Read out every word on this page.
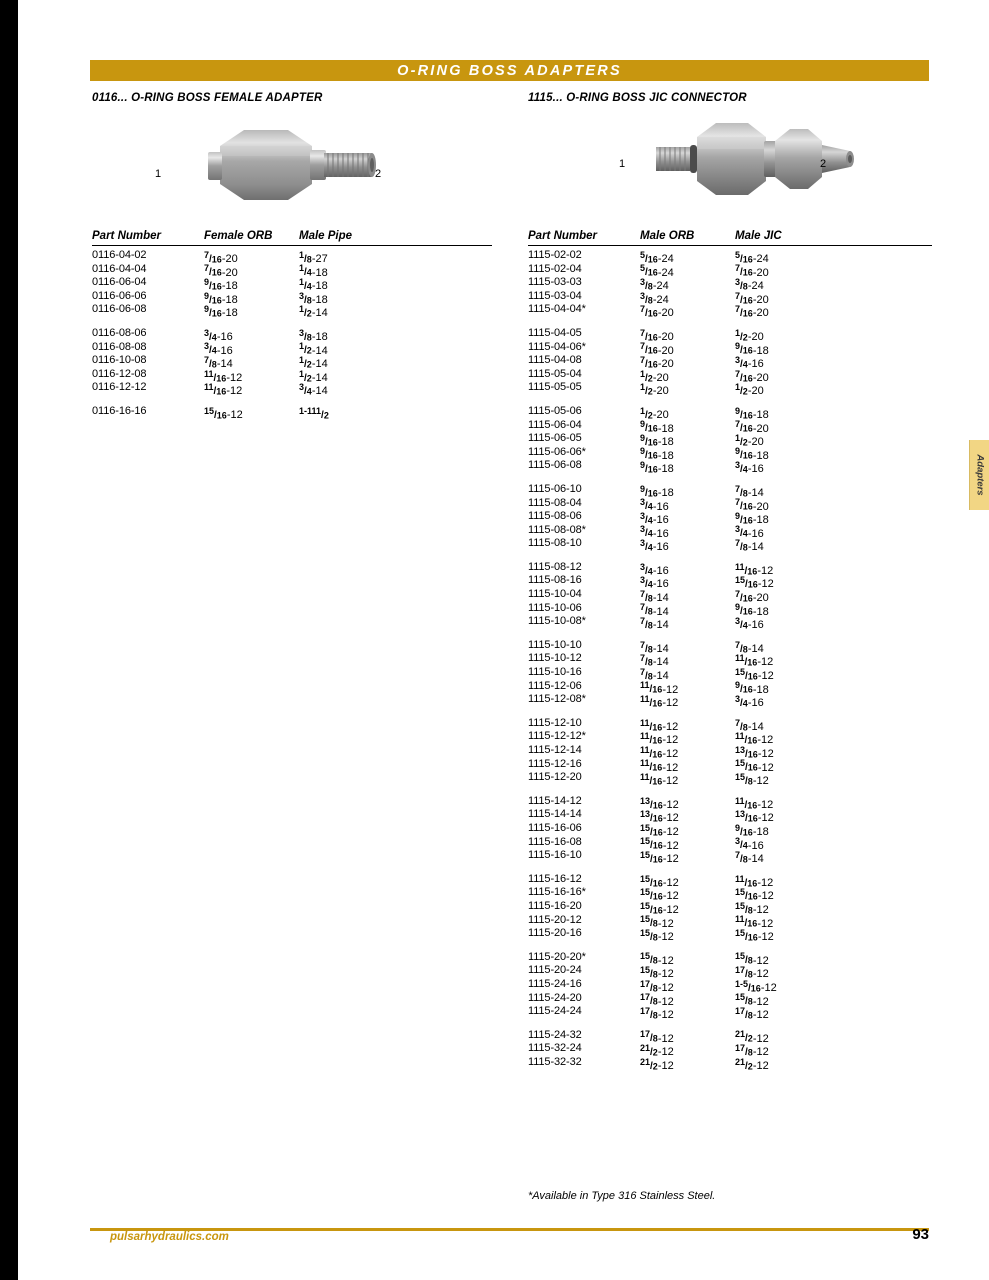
O-RING BOSS ADAPTERS
0116... O-RING BOSS FEMALE ADAPTER	1115... O-RING BOSS JIC CONNECTOR
1	2
1	2
Part Number	Female ORB	Male Pipe
0116-04-02	$^7$/16-20	$^1$/8-27
0116-04-04	$^7$/16-20	$^1$/4-18
0116-06-04	$^9$/16-18	$^1$/4-18
0116-06-06	$^9$/16-18	$^3$/8-18
0116-06-08	$^9$/16-18	$^1$/2-14
0116-08-06	$^3$/4-16	$^3$/8-18
0116-08-08	$^3$/4-16	$^1$/2-14
0116-10-08	$^7$/8-14	$^1$/2-14
0116-12-08	$^{11}$/16-12	$^1$/2-14
0116-12-12	$^{11}$/16-12	$^3$/4-14
0116-16-16	$^{15}$/16-12	$^{1-111}$/2
Part Number	Male ORB	Male JIC
1115-02-02	$^5$/16-24	$^5$/16-24
1115-02-04	$^5$/16-24	$^7$/16-20
1115-03-03	$^3$/8-24	$^3$/8-24
1115-03-04	$^3$/8-24	$^7$/16-20
1115-04-04*	$^7$/16-20	$^7$/16-20
1115-04-05	$^7$/16-20	$^1$/2-20
1115-04-06*	$^7$/16-20	$^9$/16-18
1115-04-08	$^7$/16-20	$^3$/4-16
1115-05-04	$^1$/2-20	$^7$/16-20
1115-05-05	$^1$/2-20	$^1$/2-20
1115-05-06	$^1$/2-20	$^9$/16-18
1115-06-04	$^9$/16-18	$^7$/16-20
1115-06-05	$^9$/16-18	$^1$/2-20
1115-06-06*	$^9$/16-18	$^9$/16-18
1115-06-08	$^9$/16-18	$^3$/4-16
1115-06-10	$^9$/16-18	$^7$/8-14
1115-08-04	$^3$/4-16	$^7$/16-20
1115-08-06	$^3$/4-16	$^9$/16-18
1115-08-08*	$^3$/4-16	$^3$/4-16
1115-08-10	$^3$/4-16	$^7$/8-14
1115-08-12	$^3$/4-16	$^{11}$/16-12
1115-08-16	$^3$/4-16	$^{15}$/16-12
1115-10-04	$^7$/8-14	$^7$/16-20
1115-10-06	$^7$/8-14	$^9$/16-18
1115-10-08*	$^7$/8-14	$^3$/4-16
1115-10-10	$^7$/8-14	$^7$/8-14
1115-10-12	$^7$/8-14	$^{11}$/16-12
1115-10-16	$^7$/8-14	$^{15}$/16-12
1115-12-06	$^{11}$/16-12	$^9$/16-18
1115-12-08*	$^{11}$/16-12	$^3$/4-16
1115-12-10	$^{11}$/16-12	$^7$/8-14
1115-12-12*	$^{11}$/16-12	$^{11}$/16-12
1115-12-14	$^{11}$/16-12	$^{13}$/16-12
1115-12-16	$^{11}$/16-12	$^{15}$/16-12
1115-12-20	$^{11}$/16-12	$^{15}$/8-12
1115-14-12	$^{13}$/16-12	$^{11}$/16-12
1115-14-14	$^{13}$/16-12	$^{13}$/16-12
1115-16-06	$^{15}$/16-12	$^9$/16-18
1115-16-08	$^{15}$/16-12	$^3$/4-16
1115-16-10	$^{15}$/16-12	$^7$/8-14
1115-16-12	$^{15}$/16-12	$^{11}$/16-12
1115-16-16*	$^{15}$/16-12	$^{15}$/16-12
1115-16-20	$^{15}$/16-12	$^{15}$/8-12
1115-20-12	$^{15}$/8-12	$^{11}$/16-12
1115-20-16	$^{15}$/8-12	$^{15}$/16-12
1115-20-20*	$^{15}$/8-12	$^{15}$/8-12
1115-20-24	$^{15}$/8-12	$^{17}$/8-12
1115-24-16	$^{17}$/8-12	$^{1-5}$/16-12
1115-24-20	$^{17}$/8-12	$^{15}$/8-12
1115-24-24	$^{17}$/8-12	$^{17}$/8-12
1115-24-32	$^{17}$/8-12	$^{21}$/2-12
1115-32-24	$^{21}$/2-12	$^{17}$/8-12
1115-32-32	$^{21}$/2-12	$^{21}$/2-12
*Available in Type 316 Stainless Steel.
Adapters
pulsarhydraulics.com	93
